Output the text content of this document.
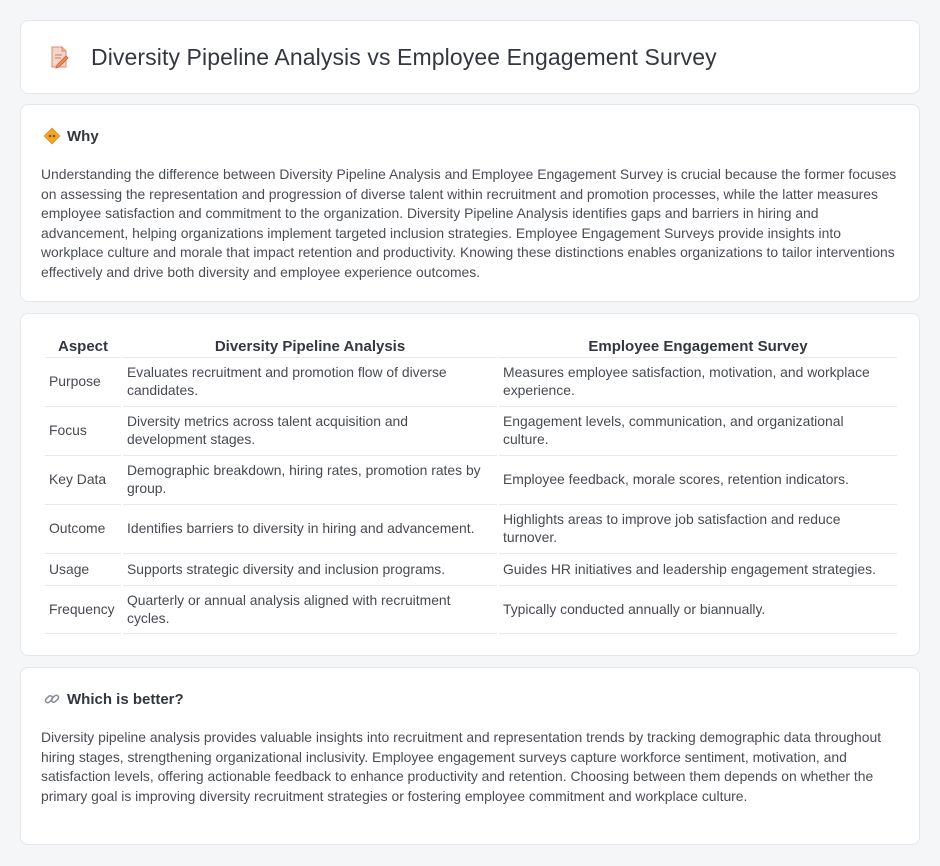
Diversity Pipeline Analysis vs Employee Engagement Survey
Why

Understanding the difference between Diversity Pipeline Analysis and Employee Engagement Survey is crucial because the former focuses on assessing the representation and progression of diverse talent within recruitment and promotion processes, while the latter measures employee satisfaction and commitment to the organization. Diversity Pipeline Analysis identifies gaps and barriers in hiring and advancement, helping organizations implement targeted inclusion strategies. Employee Engagement Surveys provide insights into workplace culture and morale that impact retention and productivity. Knowing these distinctions enables organizations to tailor interventions effectively and drive both diversity and employee experience outcomes.

Aspect	Diversity Pipeline Analysis	Employee Engagement Survey
Purpose	Evaluates recruitment and promotion flow of diverse candidates.	Measures employee satisfaction, motivation, and workplace experience.
Focus	Diversity metrics across talent acquisition and development stages.	Engagement levels, communication, and organizational culture.
Key Data	Demographic breakdown, hiring rates, promotion rates by group.	Employee feedback, morale scores, retention indicators.
Outcome	Identifies barriers to diversity in hiring and advancement.	Highlights areas to improve job satisfaction and reduce turnover.
Usage	Supports strategic diversity and inclusion programs.	Guides HR initiatives and leadership engagement strategies.
Frequency	Quarterly or annual analysis aligned with recruitment cycles.	Typically conducted annually or biannually.
Which is better?

Diversity pipeline analysis provides valuable insights into recruitment and representation trends by tracking demographic data throughout hiring stages, strengthening organizational inclusivity. Employee engagement surveys capture workforce sentiment, motivation, and satisfaction levels, offering actionable feedback to enhance productivity and retention. Choosing between them depends on whether the primary goal is improving diversity recruitment strategies or fostering employee commitment and workplace culture.
